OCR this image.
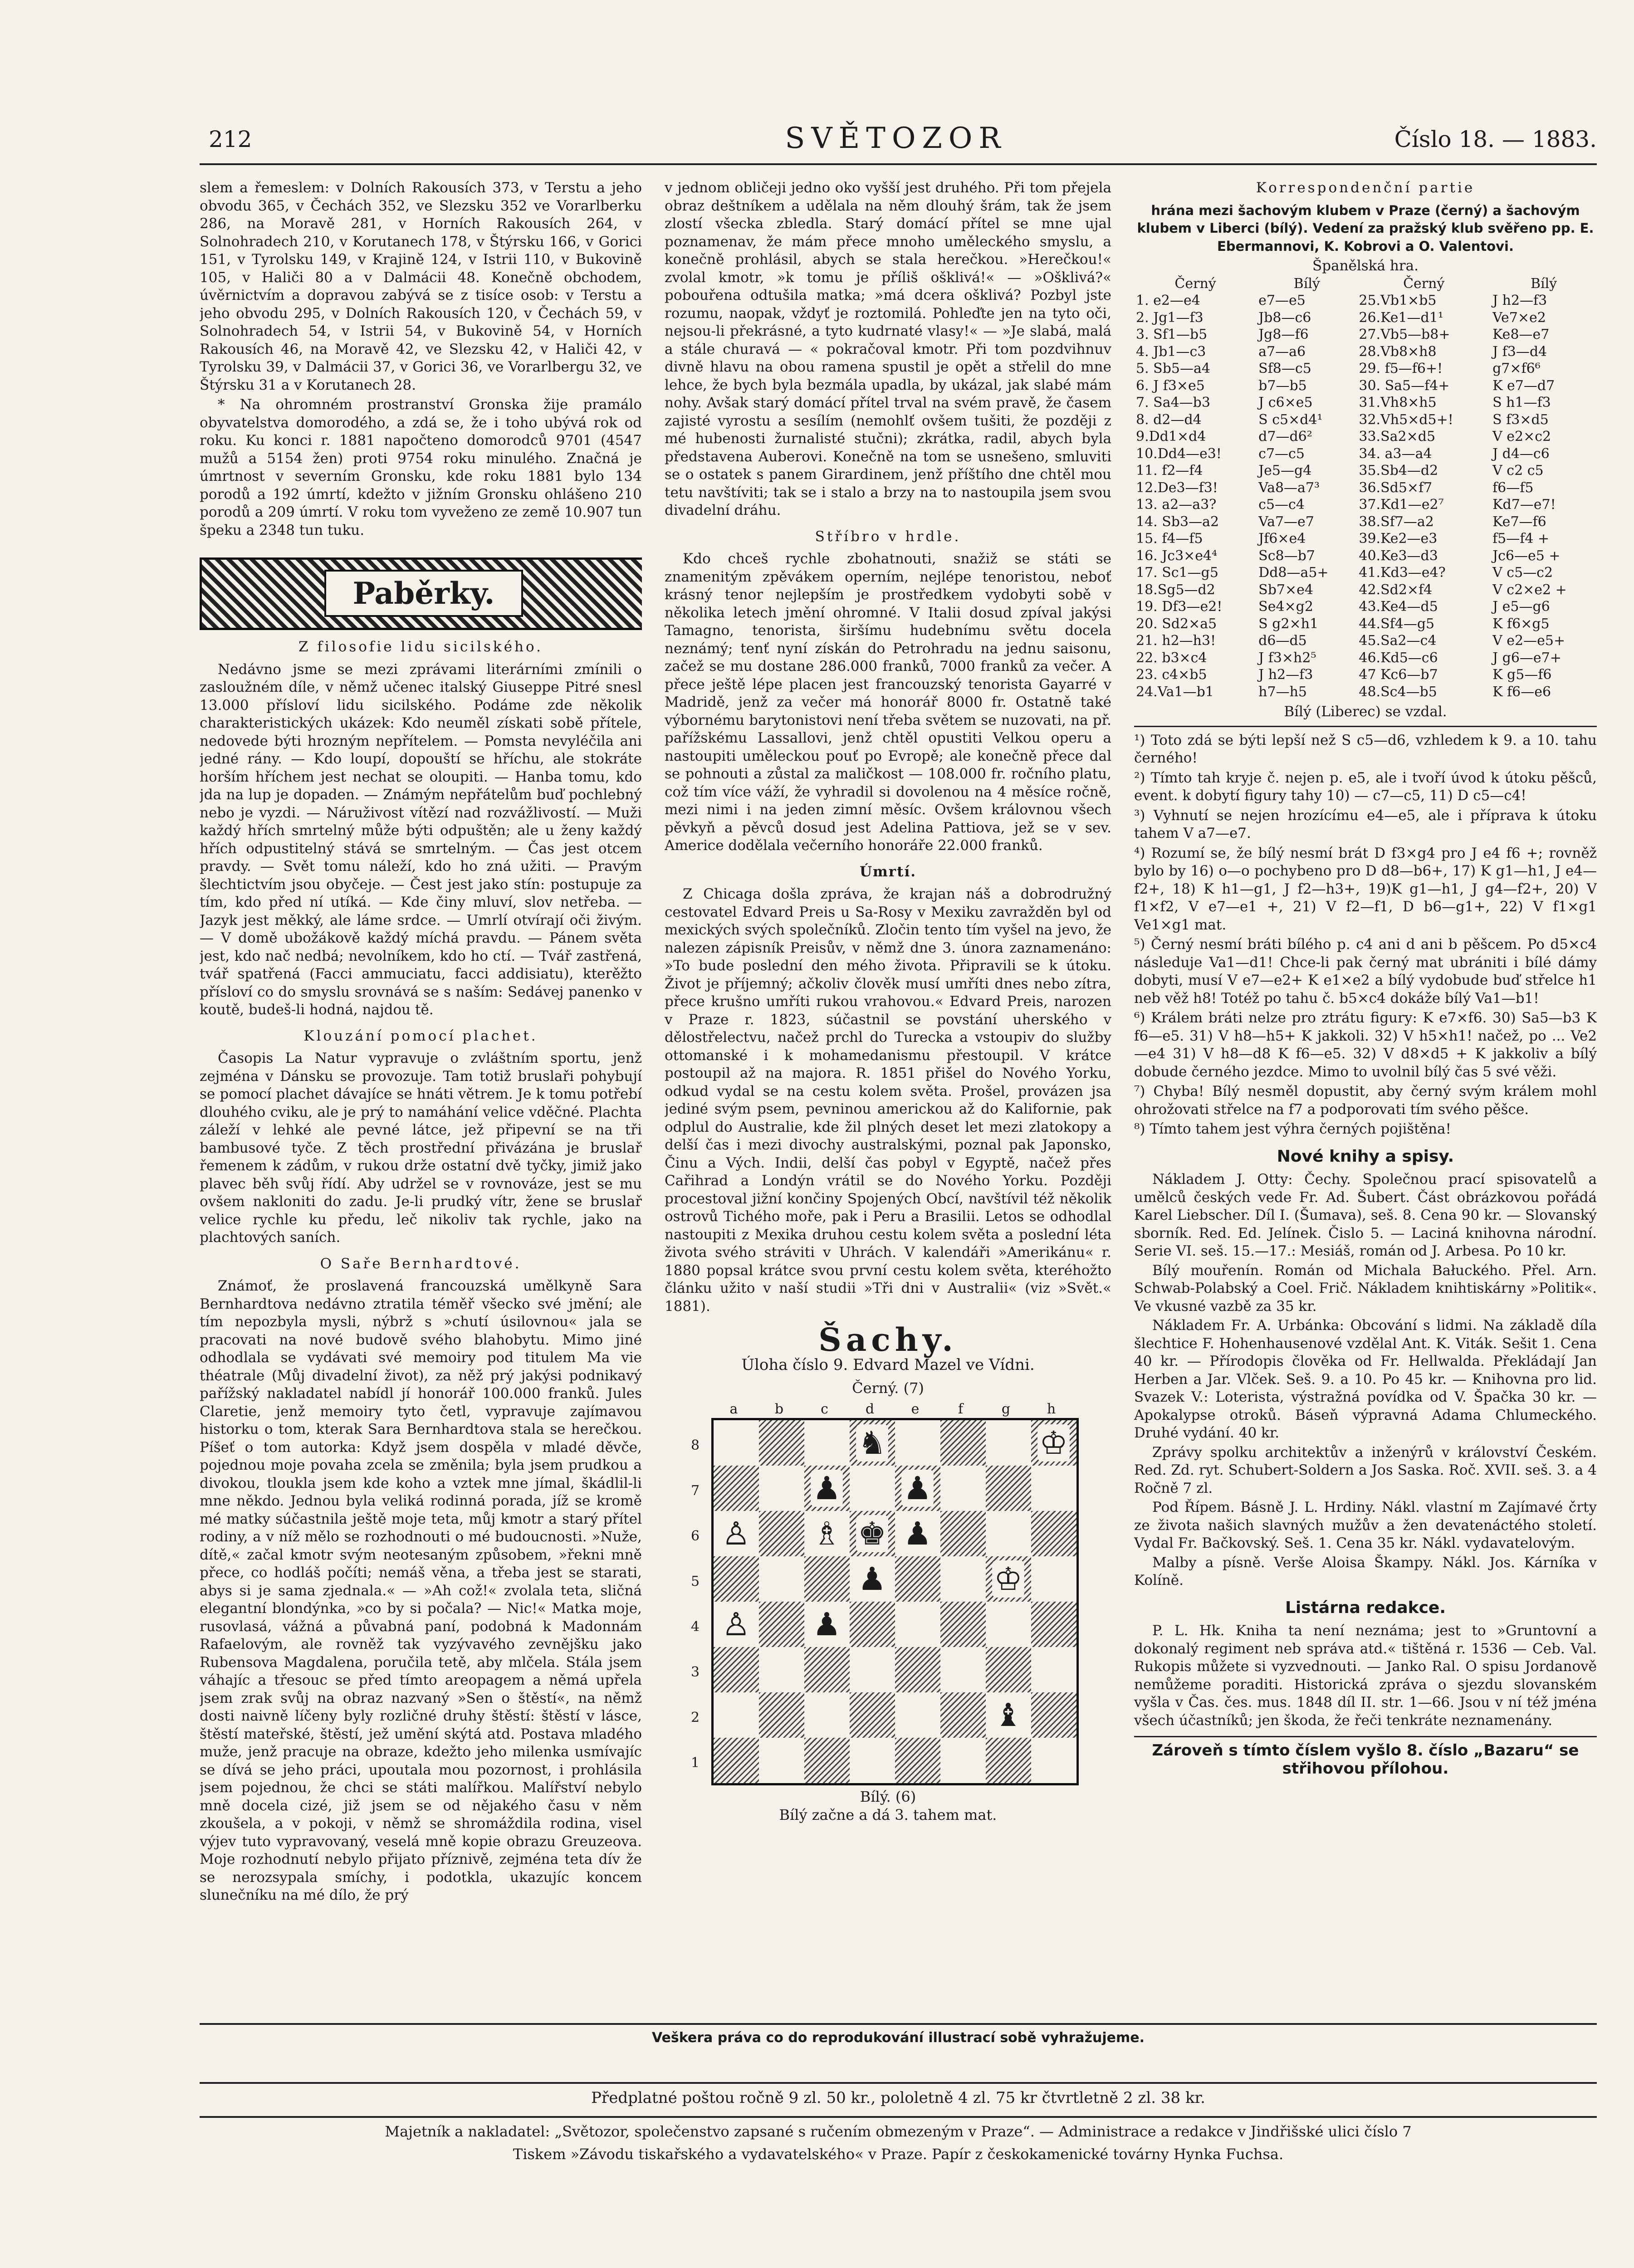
212	SVĚTOZOR	Číslo 18. — 1883.

slem a řemeslem: v Dolních Rakousích 373, v Terstu a jeho obvodu 365, v Čechách 352, ve Slezsku 352 ve Vorarlberku 286, na Moravě 281, v Horních Rakousích 264, v Solnohradech 210, v Korutanech 178, v Štýrsku 166, v Gorici 151, v Tyrolsku 149, v Krajině 124, v Istrii 110, v Bukovině 105, v Haliči 80 a v Dalmácii 48. Konečně obchodem, úvěrnictvím a dopravou zabývá se z tisíce osob: v Terstu a jeho obvodu 295, v Dolních Rakousích 120, v Čechách 59, v Solnohradech 54, v Istrii 54, v Bukovině 54, v Horních Rakousích 46, na Moravě 42, ve Slezsku 42, v Haliči 42, v Tyrolsku 39, v Dalmácii 37, v Gorici 36, ve Vorarlbergu 32, ve Štýrsku 31 a v Korutanech 28.

* Na ohromném prostranství Gronska žije pramálo obyvatelstva domorodého, a zdá se, že i toho ubývá rok od roku. Ku konci r. 1881 napočteno domorodců 9701 (4547 mužů a 5154 žen) proti 9754 roku minulého. Značná je úmrtnost v severním Gronsku, kde roku 1881 bylo 134 porodů a 192 úmrtí, kdežto v jižním Gronsku ohlášeno 210 porodů a 209 úmrtí. V roku tom vyveženo ze země 10.907 tun špeku a 2348 tun tuku.

Paběrky.
Z filosofie lidu sicilského.

Nedávno jsme se mezi zprávami literárními zmínili o zasloužném díle, v němž učenec italský Giuseppe Pitré snesl 13.000 přísloví lidu sicilského. Podáme zde několik charakteristických ukázek: Kdo neuměl získati sobě přítele, nedovede býti hrozným nepřítelem. — Pomsta nevyléčila ani jedné rány. — Kdo loupí, dopouští se hříchu, ale stokráte horším hříchem jest nechat se oloupiti. — Hanba tomu, kdo jda na lup je dopaden. — Známým nepřátelům buď pochlebný nebo je vyzdi. — Náruživost vítězí nad rozvážlivostí. — Muži každý hřích smrtelný může býti odpuštěn; ale u ženy každý hřích odpustitelný stává se smrtelným. — Čas jest otcem pravdy. — Svět tomu náleží, kdo ho zná užiti. — Pravým šlechtictvím jsou obyčeje. — Čest jest jako stín: postupuje za tím, kdo před ní utíká. — Kde činy mluví, slov netřeba. — Jazyk jest měkký, ale láme srdce. — Umrlí otvírají oči živým. — V domě ubožákově každý míchá pravdu. — Pánem světa jest, kdo nač nedbá; nevolníkem, kdo ho ctí. — Tvář zastřená, tvář spatřená (Facci ammuciatu, facci addisiatu), kterěžto přísloví co do smyslu srovnává se s naším: Sedávej panenko v koutě, budeš-li hodná, najdou tě.

Klouzání pomocí plachet.

Časopis La Natur vypravuje o zvláštním sportu, jenž zejména v Dánsku se provozuje. Tam totiž bruslaři pohybují se pomocí plachet dávajíce se hnáti větrem. Je k tomu potřebí dlouhého cviku, ale je prý to namáhání velice vděčné. Plachta záleží v lehké ale pevné látce, jež připevní se na tři bambusové tyče. Z těch prostřední přivázána je bruslař řemenem k zádům, v rukou drže ostatní dvě tyčky, jimiž jako plavec běh svůj řídí. Aby udržel se v rovnováze, jest se mu ovšem nakloniti do zadu. Je-li prudký vítr, žene se bruslař velice rychle ku předu, leč nikoliv tak rychle, jako na plachtových saních.

O Saře Bernhardtové.

Známoť, že proslavená francouzská umělkyně Sara Bernhardtova nedávno ztratila téměř všecko své jmění; ale tím nepozbyla mysli, nýbrž s »chutí úsilovnou« jala se pracovati na nové budově svého blahobytu. Mimo jiné odhodlala se vydávati své memoiry pod titulem Ma vie théatrale (Můj divadelní život), za něž prý jakýsi podnikavý pařížský nakladatel nabídl jí honorář 100.000 franků. Jules Claretie, jenž memoiry tyto četl, vypravuje zajímavou historku o tom, kterak Sara Bernhardtova stala se herečkou. Píšeť o tom autorka: Když jsem dospěla v mladé děvče, pojednou moje povaha zcela se změnila; byla jsem prudkou a divokou, tloukla jsem kde koho a vztek mne jímal, škádlil-li mne někdo. Jednou byla veliká rodinná porada, jíž se kromě mé matky súčastnila ještě moje teta, můj kmotr a starý přítel rodiny, a v níž mělo se rozhodnouti o mé budoucnosti. »Nuže, dítě,« začal kmotr svým neotesaným způsobem, »řekni mně přece, co hodláš počíti; nemáš věna, a třeba jest se starati, abys si je sama zjednala.« — »Ah což!« zvolala teta, sličná elegantní blondýnka, »co by si počala? — Nic!« Matka moje, rusovlasá, vážná a půvabná paní, podobná k Madonnám Rafaelovým, ale rovněž tak vyzývavého zevnějšku jako Rubensova Magdalena, poručila tetě, aby mlčela. Stála jsem váhajíc a třesouc se před tímto areopagem a němá upřela jsem zrak svůj na obraz nazvaný »Sen o štěstí«, na němž dosti naivně líčeny byly rozličné druhy štěstí: štěstí v lásce, štěstí mateřské, štěstí, jež umění skýtá atd. Postava mladého muže, jenž pracuje na obraze, kdežto jeho milenka usmívajíc se dívá se jeho práci, upoutala mou pozornost, i prohlásila jsem pojednou, že chci se státi malířkou. Malířství nebylo mně docela cizé, již jsem se od nějakého času v něm zkoušela, a v pokoji, v němž se shromáždila rodina, visel výjev tuto vypravovaný, veselá mně kopie obrazu Greuzeova. Moje rozhodnutí nebylo přijato příznivě, zejména teta dív že se nerozsypala smíchy, i podotkla, ukazujíc koncem slunečníku na mé dílo, že prý

v jednom obličeji jedno oko vyšší jest druhého. Při tom přejela obraz deštníkem a udělala na něm dlouhý šrám, tak že jsem zlostí všecka zbledla. Starý domácí přítel se mne ujal poznamenav, že mám přece mnoho uměleckého smyslu, a konečně prohlásil, abych se stala herečkou. »Herečkou!« zvolal kmotr, »k tomu je příliš ošklivá!« — »Ošklivá?« pobouřena odtušila matka; »má dcera ošklivá? Pozbyl jste rozumu, naopak, vždyť je roztomilá. Pohleďte jen na tyto oči, nejsou-li překrásné, a tyto kudrnaté vlasy!« — »Je slabá, malá a stále churavá — « pokračoval kmotr. Při tom pozdvihnuv divně hlavu na obou ramena spustil je opět a střelil do mne lehce, že bych byla bezmála upadla, by ukázal, jak slabé mám nohy. Avšak starý domácí přítel trval na svém pravě, že časem zajisté vyrostu a sesílím (nemohlť ovšem tušiti, že později z mé hubenosti žurnalisté stučni); zkrátka, radil, abych byla představena Auberovi. Konečně na tom se usnešeno, smluviti se o ostatek s panem Girardinem, jenž příštího dne chtěl mou tetu navštíviti; tak se i stalo a brzy na to nastoupila jsem svou divadelní dráhu.

Stříbro v hrdle.

Kdo chceš rychle zbohatnouti, snažiž se státi se znamenitým zpěvákem operním, nejlépe tenoristou, neboť krásný tenor nejlepším je prostředkem vydobyti sobě v několika letech jmění ohromné. V Italii dosud zpíval jakýsi Tamagno, tenorista, širšímu hudebnímu světu docela neznámý; tenť nyní získán do Petrohradu na jednu saisonu, začež se mu dostane 286.000 franků, 7000 franků za večer. A přece ještě lépe placen jest francouzský tenorista Gayarré v Madridě, jenž za večer má honorář 8000 fr. Ostatně také výbornému barytonistovi není třeba světem se nuzovati, na př. pařížskému Lassallovi, jenž chtěl opustiti Velkou operu a nastoupiti uměleckou pouť po Evropě; ale konečně přece dal se pohnouti a zůstal za maličkost — 108.000 fr. ročního platu, což tím více váží, že vyhradil si dovolenou na 4 měsíce ročně, mezi nimi i na jeden zimní měsíc. Ovšem královnou všech pěvkyň a pěvců dosud jest Adelina Pattiova, jež se v sev. Americe dodělala večerního honoráře 22.000 franků.

Úmrtí.

Z Chicaga došla zpráva, že krajan náš a dobrodružný cestovatel Edvard Preis u Sa-Rosy v Mexiku zavražděn byl od mexických svých společníků. Zločin tento tím vyšel na jevo, že nalezen zápisník Preisův, v němž dne 3. února zaznamenáno: »To bude poslední den mého života. Připravili se k útoku. Život je příjemný; ačkoliv člověk musí umříti dnes nebo zítra, přece krušno umříti rukou vrahovou.« Edvard Preis, narozen v Praze r. 1823, súčastnil se povstání uherského v dělostřelectvu, načež prchl do Turecka a vstoupiv do služby ottomanské i k mohamedanismu přestoupil. V krátce postoupil až na majora. R. 1851 přišel do Nového Yorku, odkud vydal se na cestu kolem světa. Prošel, provázen jsa jediné svým psem, pevninou americkou až do Kalifornie, pak odplul do Australie, kde žil plných deset let mezi zlatokopy a delší čas i mezi divochy australskými, poznal pak Japonsko, Činu a Vých. Indii, delší čas pobyl v Egyptě, načež přes Cařihrad a Londýn vrátil se do Nového Yorku. Později procestoval jižní končiny Spojených Obcí, navštívil též několik ostrovů Tichého moře, pak i Peru a Brasilii. Letos se odhodlal nastoupiti z Mexika druhou cestu kolem světa a poslední léta života svého stráviti v Uhrách. V kalendáři »Amerikánu« r. 1880 popsal krátce svou první cestu kolem světa, kteréhožto článku užito v naší studii »Tři dni v Australii« (viz »Svět.« 1881).

Šachy.
Úloha číslo 9. Edvard Mazel ve Vídni.
Černý. (7)
a	b	c	d	e	f	g	h
8
7
6
5
4
3
2
1
♞	♔
♟ ♟
♙ ♗ ♚ ♟
♟	♔
♙ ♟
♝
Bílý. (6)
Bílý začne a dá 3. tahem mat.
Korrespondenční partie

hrána mezi šachovým klubem v Praze (černý) a šachovým klubem v Liberci (bílý). Vedení za pražský klub svěřeno pp. E. Ebermannovi, K. Kobrovi a O. Valentovi.

Španělská hra.
Černý	Bílý	Černý	Bílý
1. e2—e4	e7—e5	25.Vb1×b5	J h2—f3
2. Jg1—f3	Jb8—c6	26.Ke1—d1¹	Ve7×e2
3. Sf1—b5	Jg8—f6	27.Vb5—b8+	Ke8—e7
4. Jb1—c3	a7—a6	28.Vb8×h8	J f3—d4
5. Sb5—a4	Sf8—c5	29. f5—f6+!	g7×f6⁶
6. J f3×e5	b7—b5	30. Sa5—f4+	K e7—d7
7. Sa4—b3	J c6×e5	31.Vh8×h5	S h1—f3
8. d2—d4	S c5×d4¹	32.Vh5×d5+!	S f3×d5
9.Dd1×d4	d7—d6²	33.Sa2×d5	V e2×c2
10.Dd4—e3!	c7—c5	34. a3—a4	J d4—c6
11. f2—f4	Je5—g4	35.Sb4—d2	V c2 c5
12.De3—f3!	Va8—a7³	36.Sd5×f7	f6—f5
13. a2—a3?	c5—c4	37.Kd1—e2⁷	Kd7—e7!
14. Sb3—a2	Va7—e7	38.Sf7—a2	Ke7—f6
15. f4—f5	Jf6×e4	39.Ke2—e3	f5—f4 +
16. Jc3×e4⁴	Sc8—b7	40.Ke3—d3	Jc6—e5 +
17. Sc1—g5	Dd8—a5+	41.Kd3—e4?	V c5—c2
18.Sg5—d2	Sb7×e4	42.Sd2×f4	V c2×e2 +
19. Df3—e2!	Se4×g2	43.Ke4—d5	J e5—g6
20. Sd2×a5	S g2×h1	44.Sf4—g5	K f6×g5
21. h2—h3!	d6—d5	45.Sa2—c4	V e2—e5+
22. b3×c4	J f3×h2⁵	46.Kd5—c6	J g6—e7+
23. c4×b5	J h2—f3	47 Kc6—b7	K g5—f6
24.Va1—b1	h7—h5	48.Sc4—b5	K f6—e6
Bílý (Liberec) se vzdal.

¹) Toto zdá se býti lepší než S c5—d6, vzhledem k 9. a 10. tahu černého!

²) Tímto tah kryje č. nejen p. e5, ale i tvoří úvod k útoku pěšců, event. k dobytí figury tahy 10) — c7—c5, 11) D c5—c4!

³) Vyhnutí se nejen hrozícímu e4—e5, ale i příprava k útoku tahem V a7—e7.

⁴) Rozumí se, že bílý nesmí brát D f3×g4 pro J e4 f6 +; rovněž bylo by 16) o—o pochybeno pro D d8—b6+, 17) K g1—h1, J e4—f2+, 18) K h1—g1, J f2—h3+, 19)K g1—h1, J g4—f2+, 20) V f1×f2, V e7—e1 +, 21) V f2—f1, D b6—g1+, 22) V f1×g1 Ve1×g1 mat.

⁵) Černý nesmí bráti bílého p. c4 ani d ani b pěšcem. Po d5×c4 následuje Va1—d1! Chce-li pak černý mat ubrániti i bílé dámy dobyti, musí V e7—e2+ K e1×e2 a bílý vydobude buď střelce h1 neb věž h8! Totéž po tahu č. b5×c4 dokáže bílý Va1—b1!

⁶) Králem bráti nelze pro ztrátu figury: K e7×f6. 30) Sa5—b3 K f6—e5. 31) V h8—h5+ K jakkoli. 32) V h5×h1! načež, po ... Ve2—e4 31) V h8—d8 K f6—e5. 32) V d8×d5 + K jakkoliv a bílý dobude černého jezdce. Mimo to uvolnil bílý čas 5 své věži.

⁷) Chyba! Bílý nesměl dopustit, aby černý svým králem mohl ohrožovati střelce na f7 a podporovati tím svého pěšce.

⁸) Tímto tahem jest výhra černých pojištěna!

Nové knihy a spisy.

Nákladem J. Otty: Čechy. Společnou prací spisovatelů a umělců českých vede Fr. Ad. Šubert. Část obrázkovou pořádá Karel Liebscher. Díl I. (Šumava), seš. 8. Cena 90 kr. — Slovanský sborník. Red. Ed. Jelínek. Čislo 5. — Laciná knihovna národní. Serie VI. seš. 15.—17.: Mesiáš, román od J. Arbesa. Po 10 kr.

Bílý mouřenín. Román od Michala Bałuckého. Přel. Arn. Schwab-Polabský a Coel. Frič. Nákladem knihtiskárny »Politik«. Ve vkusné vazbě za 35 kr.

Nákladem Fr. A. Urbánka: Obcování s lidmi. Na základě díla šlechtice F. Hohenhausenové vzdělal Ant. K. Viták. Sešit 1. Cena 40 kr. — Přírodopis člověka od Fr. Hellwalda. Překládají Jan Herben a Jar. Vlček. Seš. 9. a 10. Po 45 kr. — Knihovna pro lid. Svazek V.: Loterista, výstražná povídka od V. Špačka 30 kr. — Apokalypse otroků. Báseň výpravná Adama Chlumeckého. Druhé vydání. 40 kr.

Zprávy spolku architektův a inženýrů v království Českém. Red. Zd. ryt. Schubert-Soldern a Jos Saska. Roč. XVII. seš. 3. a 4 Ročně 7 zl.

Pod Řípem. Básně J. L. Hrdiny. Nákl. vlastní m Zajímavé črty ze života našich slavných mužův a žen devatenáctého století. Vydal Fr. Bačkovský. Seš. 1. Cena 35 kr. Nákl. vydavatelovým.

Malby a písně. Verše Aloisa Škampy. Nákl. Jos. Kárníka v Kolíně.

Listárna redakce.

P. L. Hk. Kniha ta není neznáma; jest to »Gruntovní a dokonalý regiment neb správa atd.« tištěná r. 1536 — Ceb. Val. Rukopis můžete si vyzvednouti. — Janko Ral. O spisu Jordanově nemůžeme poraditi. Historická zpráva o sjezdu slovanském vyšla v Čas. čes. mus. 1848 díl II. str. 1—66. Jsou v ní též jména všech účastníků; jen škoda, že řeči tenkráte neznamenány.

Zároveň s tímto číslem vyšlo 8. číslo „Bazaru“ se střihovou přílohou.
Veškera práva co do reprodukování illustrací sobě vyhražujeme.
Předplatné poštou ročně 9 zl. 50 kr., pololetně 4 zl. 75 kr čtvrtletně 2 zl. 38 kr.
Majetník a nakladatel: „Světozor, společenstvo zapsané s ručením obmezeným v Praze“. — Administrace a redakce v Jindřišské ulici číslo 7
Tiskem »Závodu tiskařského a vydavatelského« v Praze. Papír z českokamenické továrny Hynka Fuchsa.
